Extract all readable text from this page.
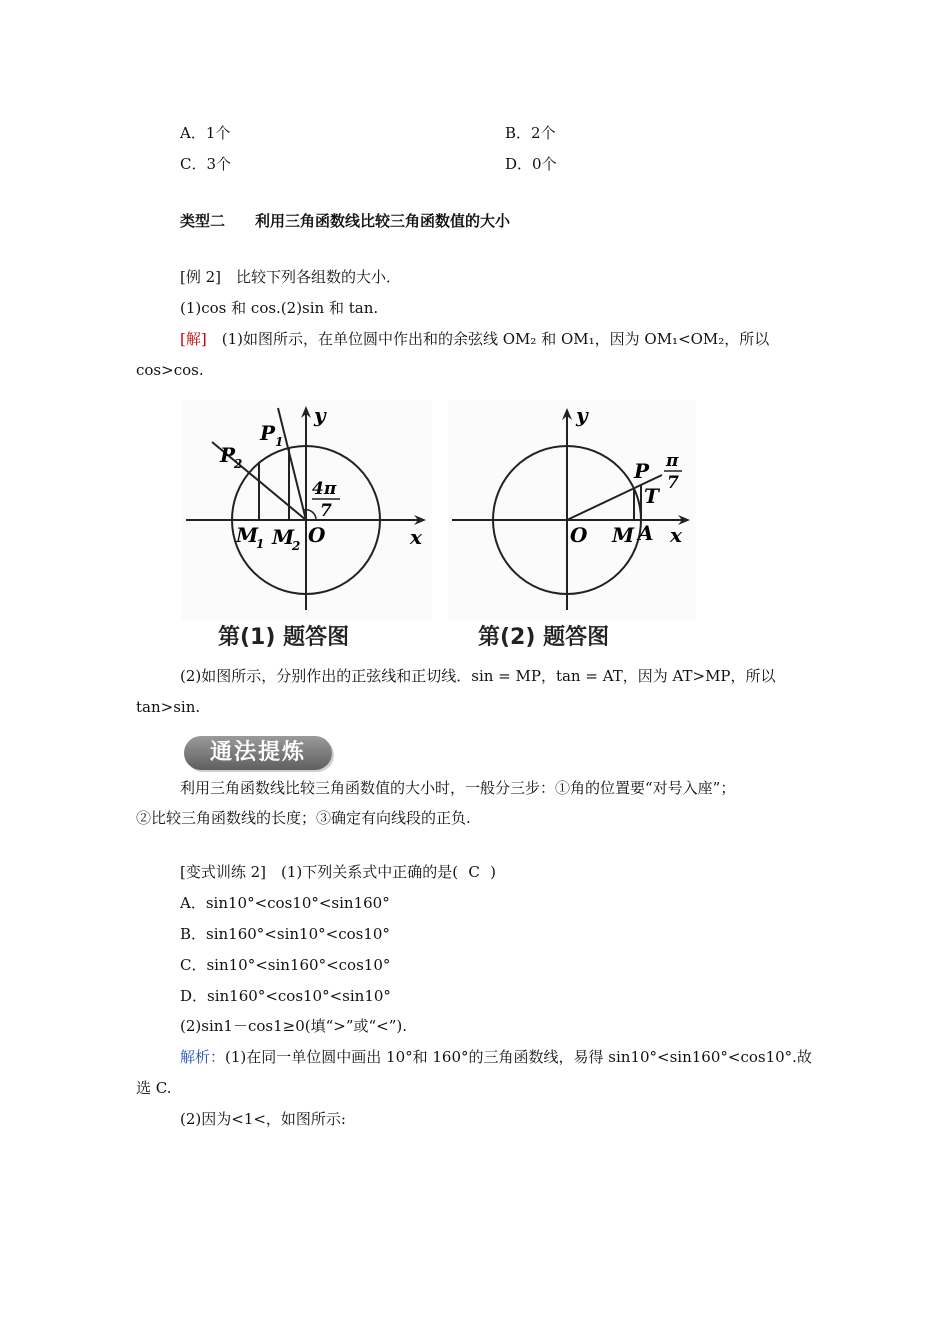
A．1个	B．2个
C．3个	D．0个
类型二　　利用三角函数线比较三角函数值的大小
[例 2]　比较下列各组数的大小．
(1)cos 和 cos.(2)sin 和 tan.
[解]　 (1)如图所示，在单位圆中作出和的余弦线 OM₂ 和 OM₁，因为 OM₁<OM₂，所以
cos>cos.
y
x
P 1
P
2
M
1 M
2 O
4π
7
第(1) 题答图
y
x
P
T
O M A
π
7
第(2) 题答图
(2)如图所示，分别作出的正弦线和正切线．sin = MP，tan = AT，因为 AT>MP，所以
tan>sin.
通法提炼
利用三角函数线比较三角函数值的大小时，一般分三步：①角的位置要“对号入座”；
②比较三角函数线的长度；③确定有向线段的正负.
[变式训练 2]　(1)下列关系式中正确的是( C )
A．sin10°<cos10°<sin160°
B．sin160°<sin10°<cos10°
C．sin10°<sin160°<cos10°
D．sin160°<cos10°<sin10°
(2)sin1－cos1≥0(填“>”或“<”).
解析：(1)在同一单位圆中画出 10°和 160°的三角函数线，易得 sin10°<sin160°<cos10°.故
选 C.
(2)因为<1<，如图所示:
